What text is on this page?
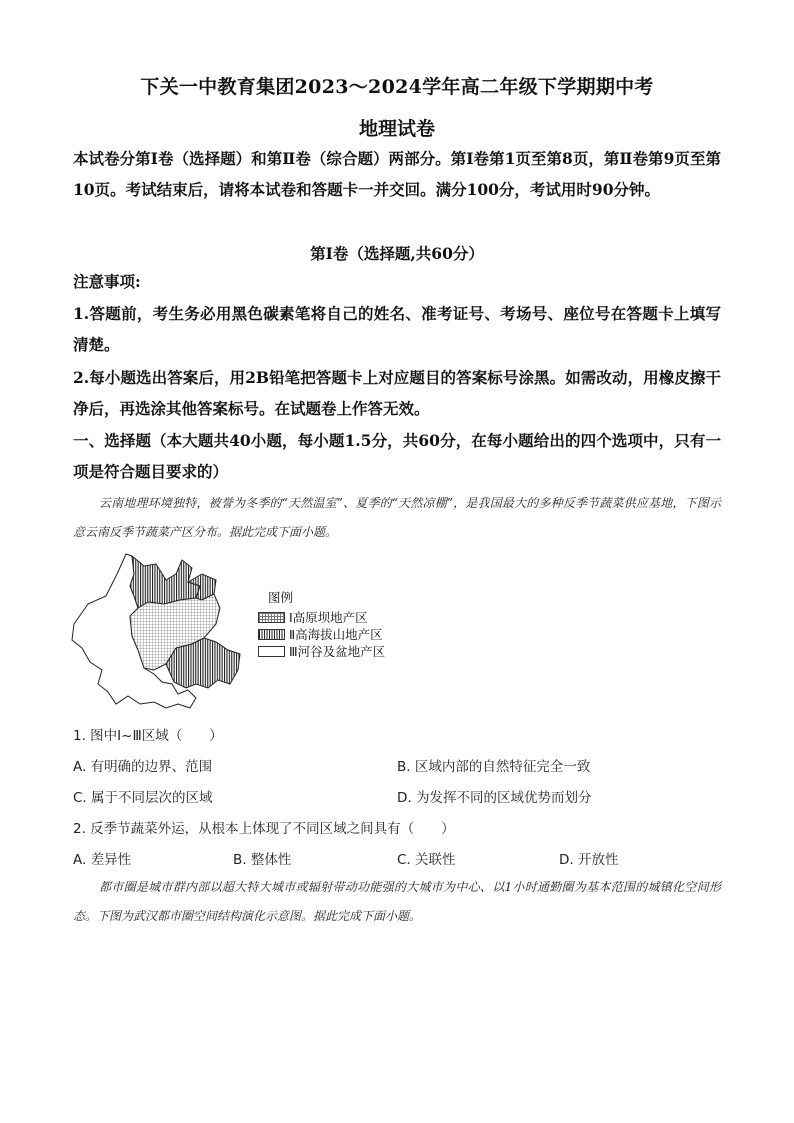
下关一中教育集团2023～2024学年高二年级下学期期中考
地理试卷
本试卷分第Ⅰ卷（选择题）和第Ⅱ卷（综合题）两部分。第Ⅰ卷第1页至第8页，第Ⅱ卷第9页至第10页。考试结束后，请将本试卷和答题卡一并交回。满分100分，考试用时90分钟。
第Ⅰ卷（选择题,共60分）
注意事项:
1.答题前，考生务必用黑色碳素笔将自己的姓名、准考证号、考场号、座位号在答题卡上填写清楚。
2.每小题选出答案后，用2B铅笔把答题卡上对应题目的答案标号涂黑。如需改动，用橡皮擦干净后，再选涂其他答案标号。在试题卷上作答无效。
一、选择题（本大题共40小题，每小题1.5分，共60分，在每小题给出的四个选项中，只有一项是符合题目要求的）
云南地理环境独特，被誉为冬季的“天然温室”、夏季的“天然凉棚”，是我国最大的多种反季节蔬菜供应基地，下图示意云南反季节蔬菜产区分布。据此完成下面小题。
图例
Ⅰ高原坝地产区
Ⅱ高海拔山地产区
Ⅲ河谷及盆地产区
1. 图中Ⅰ~Ⅲ区域（　　）
A. 有明确的边界、范围	B. 区域内部的自然特征完全一致
C. 属于不同层次的区域	D. 为发挥不同的区域优势而划分
2. 反季节蔬菜外运，从根本上体现了不同区域之间具有（　　）
A. 差异性	B. 整体性	C. 关联性	D. 开放性
都市圈是城市群内部以超大特大城市或辐射带动功能强的大城市为中心、以1小时通勤圈为基本范围的城镇化空间形态。下图为武汉都市圈空间结构演化示意图。据此完成下面小题。
